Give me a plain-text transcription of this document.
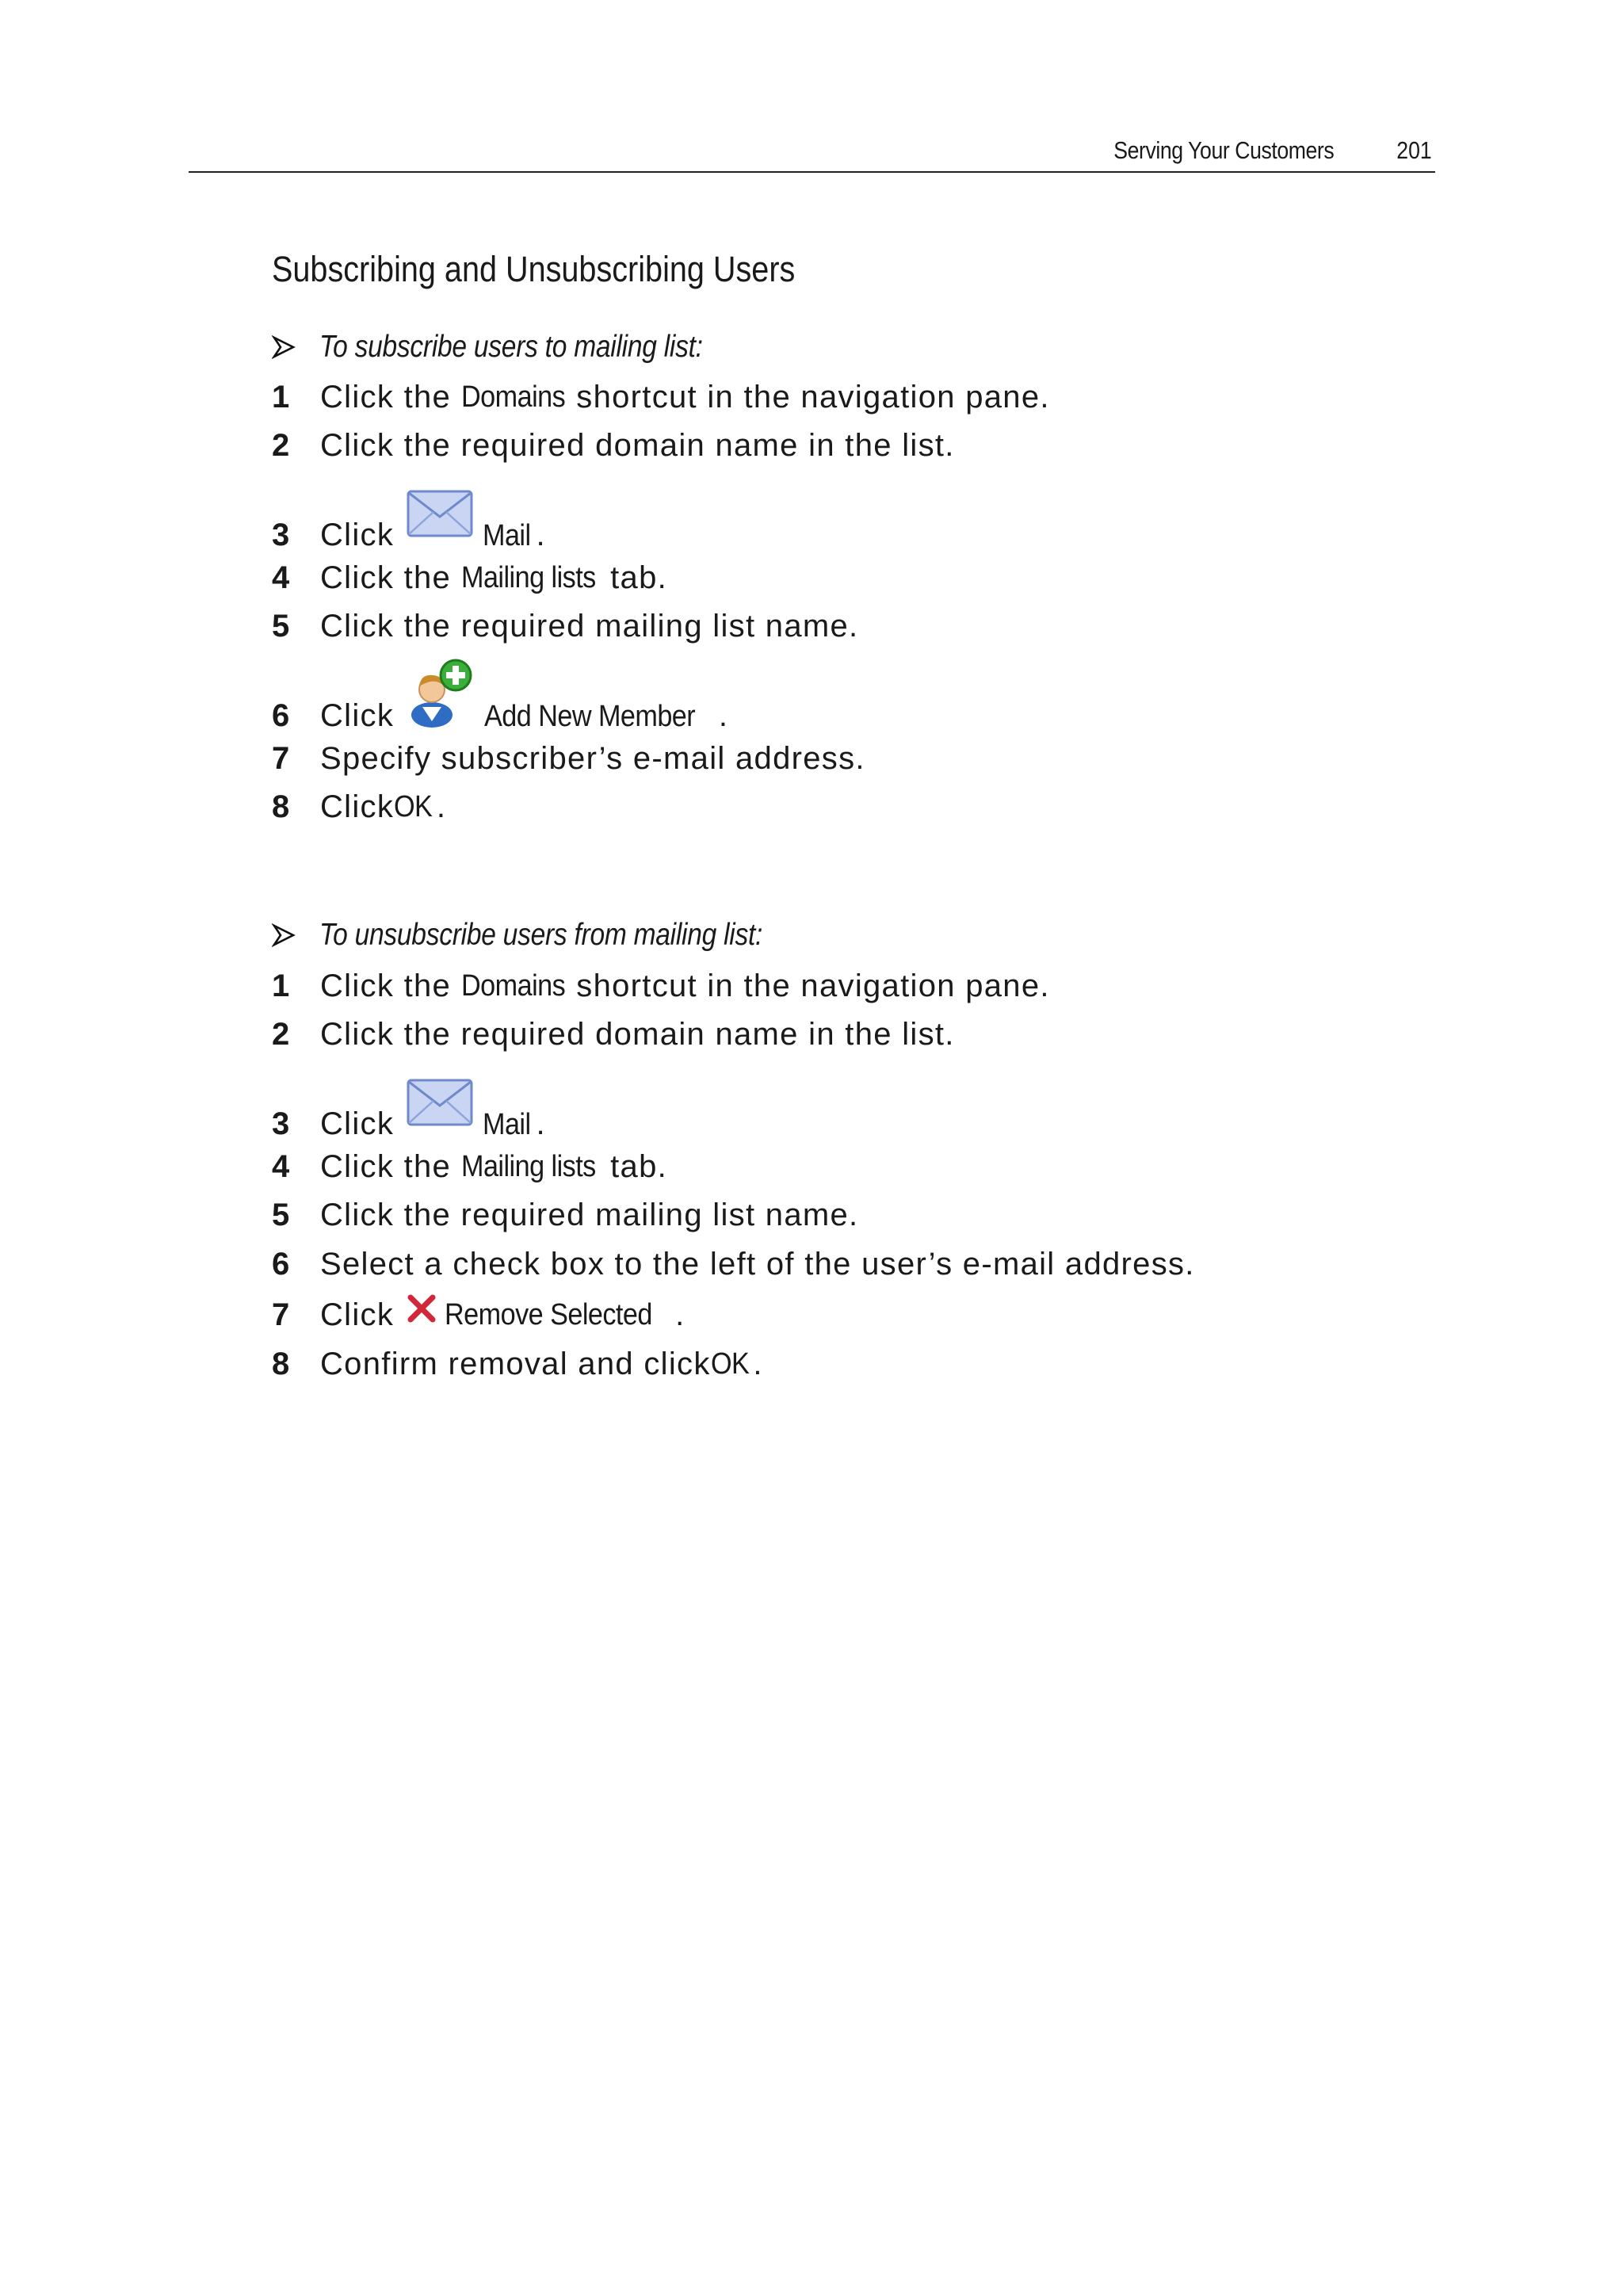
Serving Your Customers	201
Subscribing and Unsubscribing Users
To subscribe users to mailing list:
1 Click the
Domains shortcut in the navigation pane.
2 Click the required domain name in the list.
3 Click	Mail .
4 Click the
Mailing lists tab.
5 Click the required mailing list name.
6 Click	Add New Member .
7 Specify subscriber’s e-mail address.
8 Click OK .
To unsubscribe users from mailing list:
1 Click the
Domains shortcut in the navigation pane.
2 Click the required domain name in the list.
3 Click	Mail .
4 Click the
Mailing lists tab.
5 Click the required mailing list name.
6 Select a check box to the left of the user’s e-mail address.
7 Click Remove Selected .
8 Confirm removal and click OK .
